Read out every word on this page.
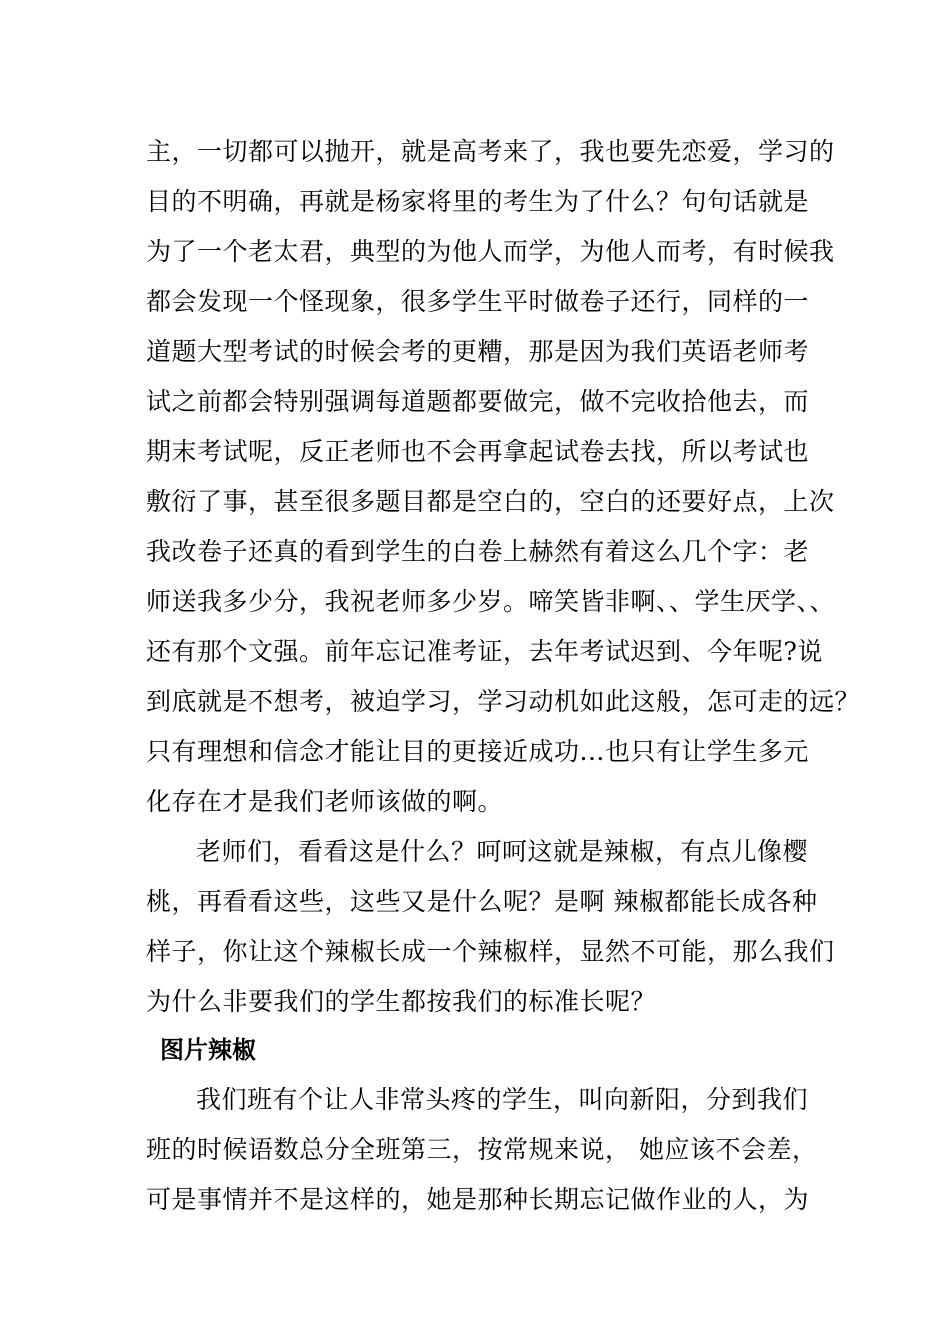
主，一切都可以抛开，就是高考来了，我也要先恋爱，学习的
目的不明确，再就是杨家将里的考生为了什么？句句话就是
为了一个老太君，典型的为他人而学，为他人而考，有时候我
都会发现一个怪现象，很多学生平时做卷子还行，同样的一
道题大型考试的时候会考的更糟，那是因为我们英语老师考
试之前都会特别强调每道题都要做完，做不完收拾他去，而
期末考试呢，反正老师也不会再拿起试卷去找，所以考试也
敷衍了事，甚至很多题目都是空白的，空白的还要好点，上次
我改卷子还真的看到学生的白卷上赫然有着这么几个字：老
师送我多少分，我祝老师多少岁。啼笑皆非啊、、学生厌学、、
还有那个文强。前年忘记准考证，去年考试迟到、今年呢?说
到底就是不想考，被迫学习，学习动机如此这般，怎可走的远？
只有理想和信念才能让目的更接近成功...也只有让学生多元
化存在才是我们老师该做的啊。
老师们，看看这是什么？呵呵这就是辣椒，有点儿像樱
桃，再看看这些，这些又是什么呢？是啊 辣椒都能长成各种
样子，你让这个辣椒长成一个辣椒样，显然不可能，那么我们
为什么非要我们的学生都按我们的标准长呢？
图片辣椒
我们班有个让人非常头疼的学生，叫向新阳，分到我们
班的时候语数总分全班第三，按常规来说， 她应该不会差，
可是事情并不是这样的，她是那种长期忘记做作业的人，为
